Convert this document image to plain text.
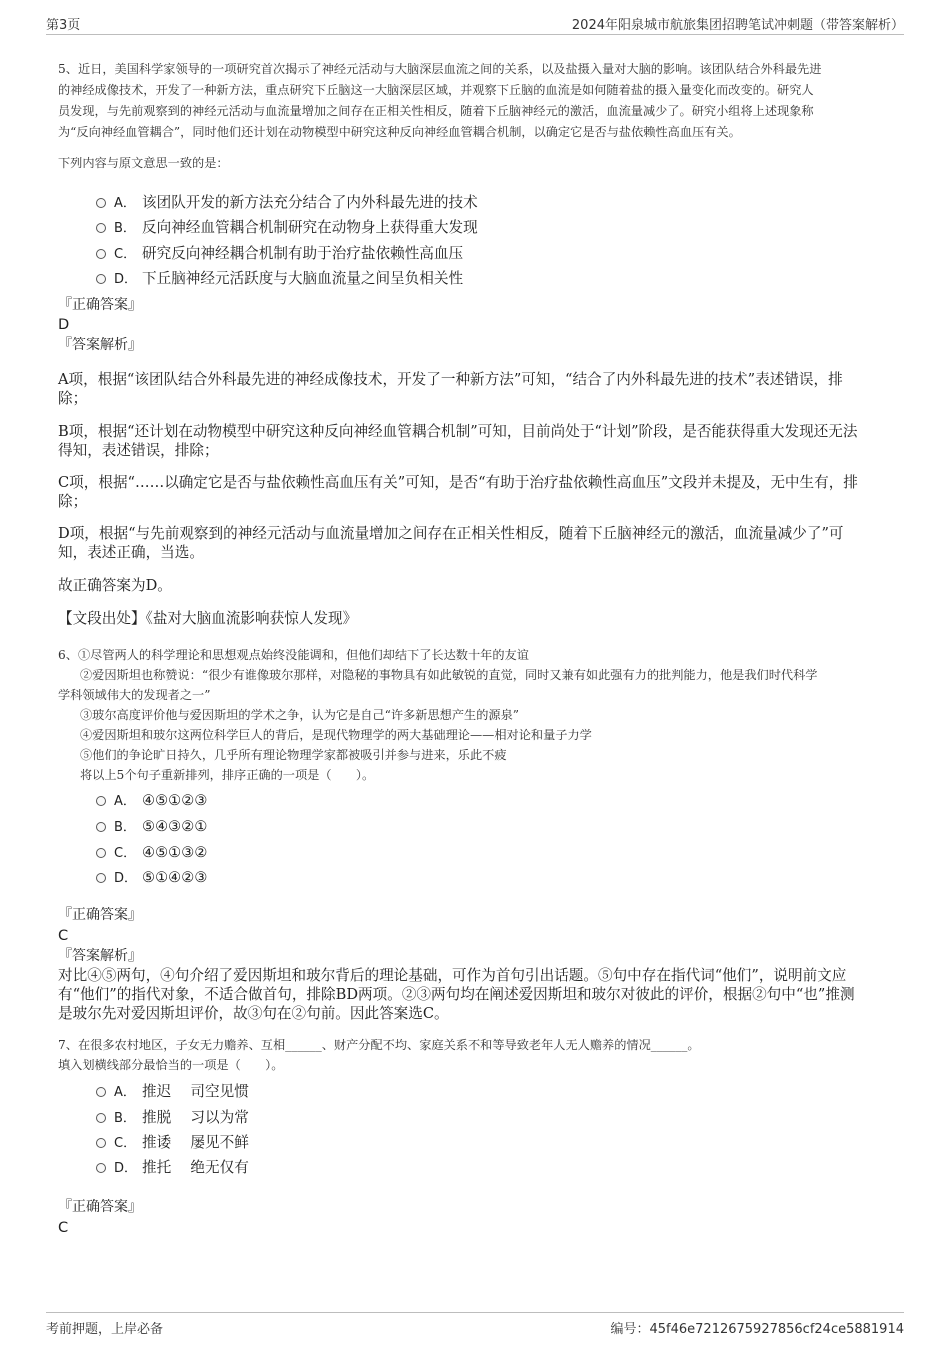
第3页	2024年阳泉城市航旅集团招聘笔试冲刺题（带答案解析）
5、近日，美国科学家领导的一项研究首次揭示了神经元活动与大脑深层血流之间的关系，以及盐摄入量对大脑的影响。该团队结合外科最先进
的神经成像技术，开发了一种新方法，重点研究下丘脑这一大脑深层区域，并观察下丘脑的血流是如何随着盐的摄入量变化而改变的。研究人
员发现，与先前观察到的神经元活动与血流量增加之间存在正相关性相反，随着下丘脑神经元的激活，血流量减少了。研究小组将上述现象称
为“反向神经血管耦合”，同时他们还计划在动物模型中研究这种反向神经血管耦合机制，以确定它是否与盐依赖性高血压有关。
下列内容与原文意思一致的是：
A． 该团队开发的新方法充分结合了内外科最先进的技术
B． 反向神经血管耦合机制研究在动物身上获得重大发现
C． 研究反向神经耦合机制有助于治疗盐依赖性高血压
D． 下丘脑神经元活跃度与大脑血流量之间呈负相关性
『正确答案』
D
『答案解析』
A项，根据“该团队结合外科最先进的神经成像技术，开发了一种新方法”可知，“结合了内外科最先进的技术”表述错误，排
除；
B项，根据“还计划在动物模型中研究这种反向神经血管耦合机制”可知，目前尚处于“计划”阶段，是否能获得重大发现还无法
得知，表述错误，排除；
C项，根据“……以确定它是否与盐依赖性高血压有关”可知，是否“有助于治疗盐依赖性高血压”文段并未提及，无中生有，排
除；
D项，根据“与先前观察到的神经元活动与血流量增加之间存在正相关性相反，随着下丘脑神经元的激活，血流量减少了”可
知，表述正确，当选。
故正确答案为D。
【文段出处】《盐对大脑血流影响获惊人发现》
6、①尽管两人的科学理论和思想观点始终没能调和，但他们却结下了长达数十年的友谊
②爱因斯坦也称赞说：“很少有谁像玻尔那样，对隐秘的事物具有如此敏锐的直觉，同时又兼有如此强有力的批判能力，他是我们时代科学
学科领域伟大的发现者之一”
③玻尔高度评价他与爱因斯坦的学术之争，认为它是自己“许多新思想产生的源泉”
④爱因斯坦和玻尔这两位科学巨人的背后，是现代物理学的两大基础理论——相对论和量子力学
⑤他们的争论旷日持久，几乎所有理论物理学家都被吸引并参与进来，乐此不疲
将以上5个句子重新排列，排序正确的一项是（　　）。
A． ④⑤①②③
B． ⑤④③②①
C． ④⑤①③②
D． ⑤①④②③
『正确答案』
C
『答案解析』
对比④⑤两句，④句介绍了爱因斯坦和玻尔背后的理论基础，可作为首句引出话题。⑤句中存在指代词“他们”，说明前文应
有“他们”的指代对象，不适合做首句，排除BD两项。②③两句均在阐述爱因斯坦和玻尔对彼此的评价，根据②句中“也”推测
是玻尔先对爱因斯坦评价，故③句在②句前。因此答案选C。
7、在很多农村地区，子女无力赡养、互相______、财产分配不均、家庭关系不和等导致老年人无人赡养的情况______。
填入划横线部分最恰当的一项是（　　）。
A． 推迟　 司空见惯
B． 推脱　 习以为常
C． 推诿　 屡见不鲜
D． 推托　 绝无仅有
『正确答案』
C
考前押题，上岸必备	编号：45f46e7212675927856cf24ce5881914
